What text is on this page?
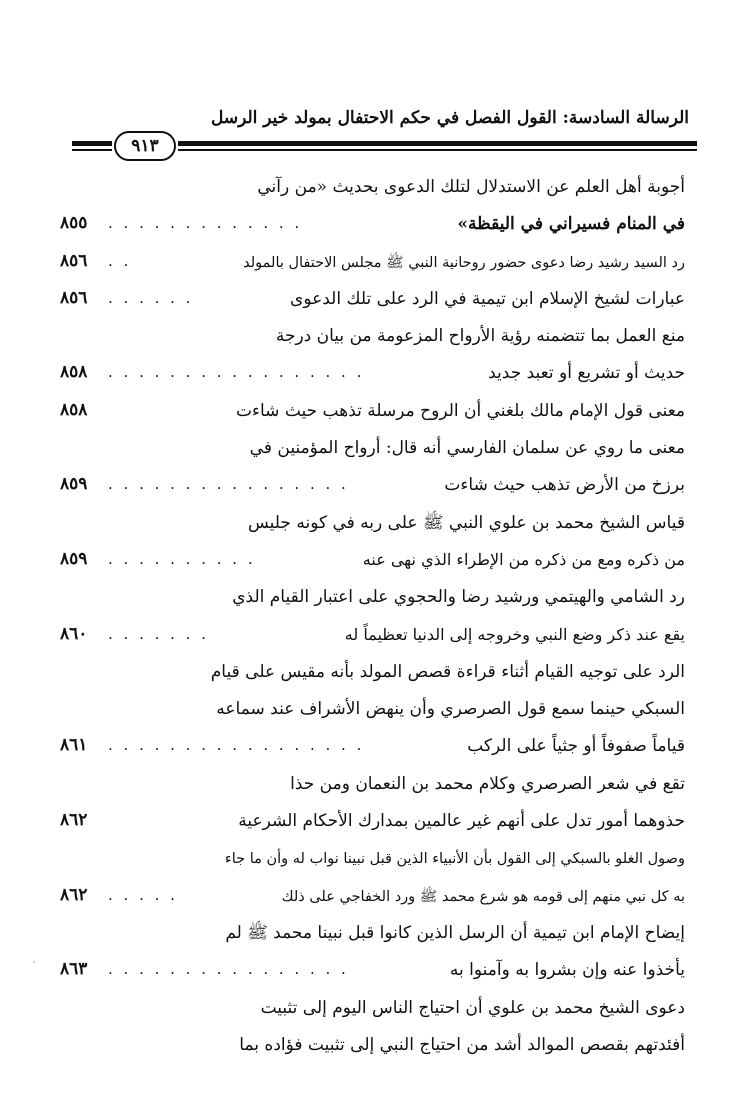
الرسالة السادسة: القول الفصل في حكم الاحتفال بمولد خير الرسل
٩١٣
أجوبة أهل العلم عن الاستدلال لتلك الدعوى بحديث «من رآني
في المنام فسيراني في اليقظة»
. . . . . . . . . . . . .
٨٥٥
رد السيد رشيد رضا دعوى حضور روحانية النبي ﷺ مجلس الاحتفال بالمولد
. .
٨٥٦
عبارات لشيخ الإسلام ابن تيمية في الرد على تلك الدعوى
. . . . . .
٨٥٦
منع العمل بما تتضمنه رؤية الأرواح المزعومة من بيان درجة
حديث أو تشريع أو تعبد جديد
. . . . . . . . . . . . . . . . .
٨٥٨
معنى قول الإمام مالك بلغني أن الروح مرسلة تذهب حيث شاءت
٨٥٨
معنى ما روي عن سلمان الفارسي أنه قال: أرواح المؤمنين في
برزخ من الأرض تذهب حيث شاءت
. . . . . . . . . . . . . . . .
٨٥٩
قياس الشيخ محمد بن علوي النبي ﷺ على ربه في كونه جليس
من ذكره ومع من ذكره من الإطراء الذي نهى عنه
. . . . . . . . . .
٨٥٩
رد الشامي والهيتمي ورشيد رضا والحجوي على اعتبار القيام الذي
يقع عند ذكر وضع النبي وخروجه إلى الدنيا تعظيماً له
. . . . . . .
٨٦٠
الرد على توجيه القيام أثناء قراءة قصص المولد بأنه مقيس على قيام
السبكي حينما سمع قول الصرصري وأن ينهض الأشراف عند سماعه
قياماً صفوفاً أو جثياً على الركب
. . . . . . . . . . . . . . . . .
٨٦١
تقع في شعر الصرصري وكلام محمد بن النعمان ومن حذا
حذوهما أمور تدل على أنهم غير عالمين بمدارك الأحكام الشرعية
٨٦٢
وصول الغلو بالسبكي إلى القول بأن الأنبياء الذين قبل نبينا نواب له وأن ما جاء
به كل نبي منهم إلى قومه هو شرع محمد ﷺ ورد الخفاجي على ذلك
. . . . .
٨٦٢
إيضاح الإمام ابن تيمية أن الرسل الذين كانوا قبل نبينا محمد ﷺ لم
يأخذوا عنه وإن بشروا به وآمنوا به
. . . . . . . . . . . . . . . .
٨٦٣
دعوى الشيخ محمد بن علوي أن احتياج الناس اليوم إلى تثبيت
أفئدتهم بقصص الموالد أشد من احتياج النبي إلى تثبيت فؤاده بما
·
